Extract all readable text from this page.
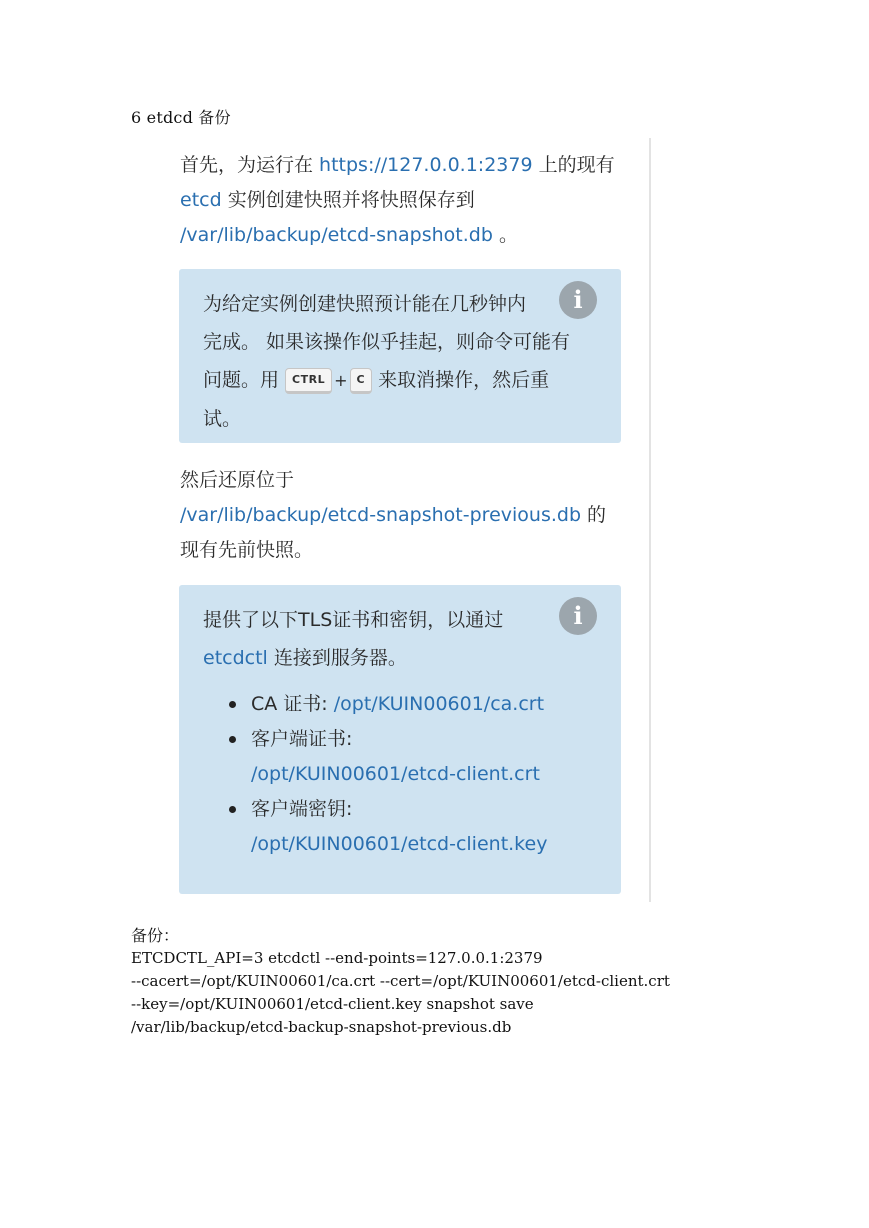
6 etdcd 备份
首先，为运行在 https://127.0.0.1:2379 上的现有
etcd 实例创建快照并将快照保存到
/var/lib/backup/etcd-snapshot.db 。
i
为给定实例创建快照预计能在几秒钟内
完成。 如果该操作似乎挂起，则命令可能有
问题。用 CTRL + C 来取消操作，然后重
试。
然后还原位于
/var/lib/backup/etcd-snapshot-previous.db 的
现有先前快照。
i
提供了以下TLS证书和密钥，以通过
etcdctl 连接到服务器。
CA 证书: /opt/KUIN00601/ca.crt
客户端证书:
/opt/KUIN00601/etcd-client.crt
客户端密钥:
/opt/KUIN00601/etcd-client.key
备份：
ETCDCTL_API=3 etcdctl --end-points=127.0.0.1:2379
--cacert=/opt/KUIN00601/ca.crt --cert=/opt/KUIN00601/etcd-client.crt
--key=/opt/KUIN00601/etcd-client.key snapshot save
/var/lib/backup/etcd-backup-snapshot-previous.db
